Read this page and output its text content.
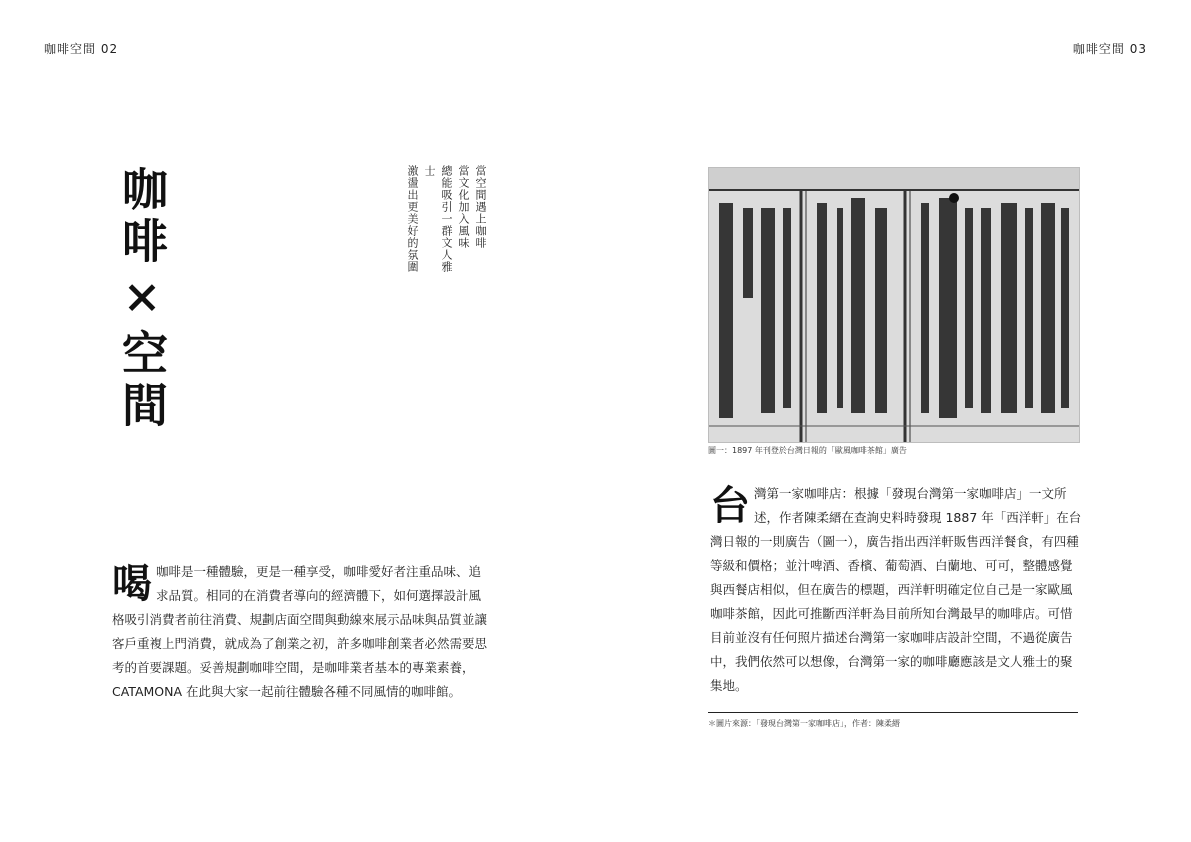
咖啡空間 02	咖啡空間 03
咖啡×空間	當空間遇上咖啡
當文化加入風味
總能吸引一群文人雅士
激盪出更美好的氛圍
喝 咖啡是一種體驗，更是一種享受，咖啡愛好者注重品味、追求品質。相同的在消費者導向的經濟體下，如何選擇設計風格吸引消費者前往消費、規劃店面空間與動線來展示品味與品質並讓客戶重複上門消費，就成為了創業之初，許多咖啡創業者必然需要思考的首要課題。妥善規劃咖啡空間，是咖啡業者基本的專業素養，CATAMONA 在此與大家一起前往體驗各種不同風情的咖啡館。
圖一：1897 年刊登於台灣日報的「歐風咖啡茶館」廣告
台 灣第一家咖啡店：根據「發現台灣第一家咖啡店」一文所述，作者陳柔縉在查詢史料時發現 1887 年「西洋軒」在台灣日報的一則廣告（圖一），廣告指出西洋軒販售西洋餐食，有四種等級和價格；並汁啤酒、香檳、葡萄酒、白蘭地、可可，整體感覺與西餐店相似，但在廣告的標題，西洋軒明確定位自己是一家歐風咖啡茶館，因此可推斷西洋軒為目前所知台灣最早的咖啡店。可惜目前並沒有任何照片描述台灣第一家咖啡店設計空間，不過從廣告中，我們依然可以想像，台灣第一家的咖啡廳應該是文人雅士的聚集地。
＊圖片來源：「發現台灣第一家咖啡店」，作者：陳柔縉
